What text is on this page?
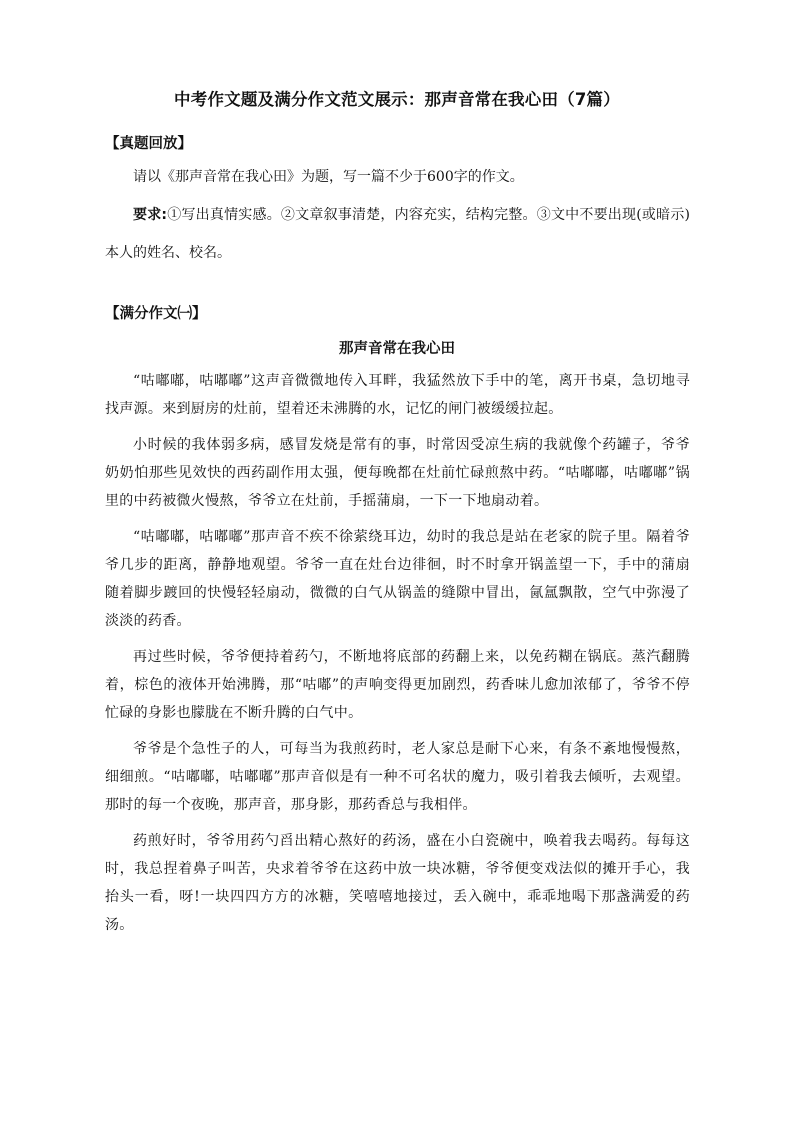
中考作文题及满分作文范文展示：那声音常在我心田（7篇）
【真题回放】

请以《那声音常在我心田》为题，写一篇不少于600字的作文。

要求:①写出真情实感。②文章叙事清楚，内容充实，结构完整。③文中不要出现(或暗示)本人的姓名、校名。

【满分作文㈠】
那声音常在我心田

“咕嘟嘟，咕嘟嘟”这声音微微地传入耳畔，我猛然放下手中的笔，离开书桌，急切地寻找声源。来到厨房的灶前，望着还未沸腾的水，记忆的闸门被缓缓拉起。

小时候的我体弱多病，感冒发烧是常有的事，时常因受凉生病的我就像个药罐子，爷爷奶奶怕那些见效快的西药副作用太强，便每晚都在灶前忙碌煎熬中药。“咕嘟嘟，咕嘟嘟”锅里的中药被微火慢熬，爷爷立在灶前，手摇蒲扇，一下一下地扇动着。

“咕嘟嘟，咕嘟嘟”那声音不疾不徐萦绕耳边，幼时的我总是站在老家的院子里。隔着爷爷几步的距离，静静地观望。爷爷一直在灶台边徘徊，时不时拿开锅盖望一下，手中的蒲扇随着脚步踱回的快慢轻轻扇动，微微的白气从锅盖的缝隙中冒出，氤氲飘散，空气中弥漫了淡淡的药香。

再过些时候，爷爷便持着药勺，不断地将底部的药翻上来，以免药糊在锅底。蒸汽翻腾着，棕色的液体开始沸腾，那“咕嘟”的声响变得更加剧烈，药香味儿愈加浓郁了，爷爷不停忙碌的身影也朦胧在不断升腾的白气中。

爷爷是个急性子的人，可每当为我煎药时，老人家总是耐下心来，有条不紊地慢慢熬，细细煎。“咕嘟嘟，咕嘟嘟”那声音似是有一种不可名状的魔力，吸引着我去倾听，去观望。那时的每一个夜晚，那声音，那身影，那药香总与我相伴。

药煎好时，爷爷用药勺舀出精心熬好的药汤，盛在小白瓷碗中，唤着我去喝药。每每这时，我总捏着鼻子叫苦，央求着爷爷在这药中放一块冰糖，爷爷便变戏法似的摊开手心，我抬头一看，呀!一块四四方方的冰糖，笑嘻嘻地接过，丢入碗中，乖乖地喝下那盏满爱的药汤。
